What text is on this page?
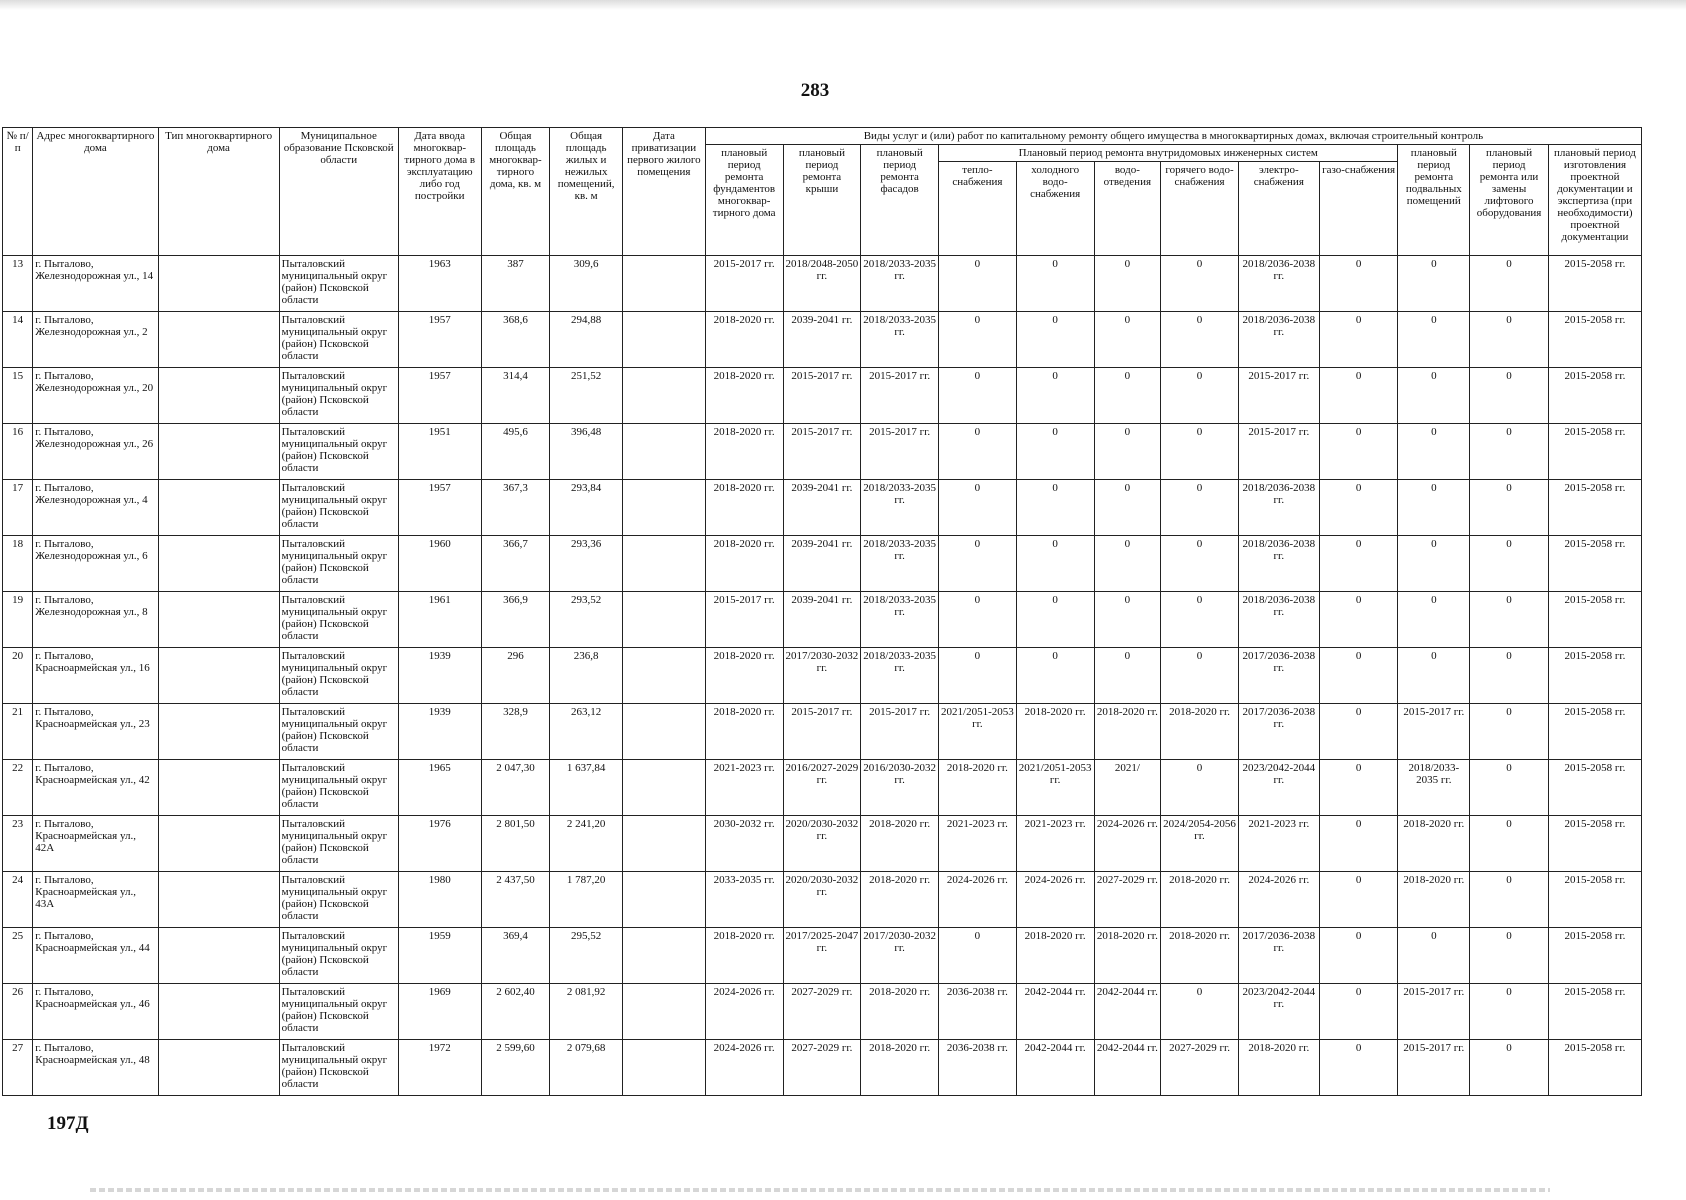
283
№ п/п	Адрес многоквартирного дома	Тип многоквартирного дома	Муниципальное образование Псковской области	Дата ввода многоквар-тирного дома в эксплуатацию либо год постройки	Общая площадь многоквар-тирного дома, кв. м	Общая площадь жилых и нежилых помещений, кв. м	Дата приватизации первого жилого помещения	Виды услуг и (или) работ по капитальному ремонту общего имущества в многоквартирных домах, включая строительный контроль											
								плановый период ремонта фундаментов многоквар-тирного дома	плановый период ремонта крыши	плановый период ремонта фасадов	Плановый период ремонта внутридомовых инженерных систем						плановый период ремонта подвальных помещений	плановый период ремонта или замены лифтового оборудования	плановый период изготовления проектной документации и экспертиза (при необходимости) проектной документации
											тепло-снабжения	холодного водо-снабжения	водо-отведения	горячего водо-снабжения	электро-снабжения	газо-снабжения			
13	г. Пыталово, Железнодорожная ул., 14		Пыталовский муниципальный округ (район) Псковской области	1963	387	309,6		2015-2017 гг.	2018/2048-2050 гг.	2018/2033-2035 гг.	0	0	0	0	2018/2036-2038 гг.	0	0	0	2015-2058 гг.
14	г. Пыталово, Железнодорожная ул., 2		Пыталовский муниципальный округ (район) Псковской области	1957	368,6	294,88		2018-2020 гг.	2039-2041 гг.	2018/2033-2035 гг.	0	0	0	0	2018/2036-2038 гг.	0	0	0	2015-2058 гг.
15	г. Пыталово, Железнодорожная ул., 20		Пыталовский муниципальный округ (район) Псковской области	1957	314,4	251,52		2018-2020 гг.	2015-2017 гг.	2015-2017 гг.	0	0	0	0	2015-2017 гг.	0	0	0	2015-2058 гг.
16	г. Пыталово, Железнодорожная ул., 26		Пыталовский муниципальный округ (район) Псковской области	1951	495,6	396,48		2018-2020 гг.	2015-2017 гг.	2015-2017 гг.	0	0	0	0	2015-2017 гг.	0	0	0	2015-2058 гг.
17	г. Пыталово, Железнодорожная ул., 4		Пыталовский муниципальный округ (район) Псковской области	1957	367,3	293,84		2018-2020 гг.	2039-2041 гг.	2018/2033-2035 гг.	0	0	0	0	2018/2036-2038 гг.	0	0	0	2015-2058 гг.
18	г. Пыталово, Железнодорожная ул., 6		Пыталовский муниципальный округ (район) Псковской области	1960	366,7	293,36		2018-2020 гг.	2039-2041 гг.	2018/2033-2035 гг.	0	0	0	0	2018/2036-2038 гг.	0	0	0	2015-2058 гг.
19	г. Пыталово, Железнодорожная ул., 8		Пыталовский муниципальный округ (район) Псковской области	1961	366,9	293,52		2015-2017 гг.	2039-2041 гг.	2018/2033-2035 гг.	0	0	0	0	2018/2036-2038 гг.	0	0	0	2015-2058 гг.
20	г. Пыталово, Красноармейская ул., 16		Пыталовский муниципальный округ (район) Псковской области	1939	296	236,8		2018-2020 гг.	2017/2030-2032 гг.	2018/2033-2035 гг.	0	0	0	0	2017/2036-2038 гг.	0	0	0	2015-2058 гг.
21	г. Пыталово, Красноармейская ул., 23		Пыталовский муниципальный округ (район) Псковской области	1939	328,9	263,12		2018-2020 гг.	2015-2017 гг.	2015-2017 гг.	2021/2051-2053 гг.	2018-2020 гг.	2018-2020 гг.	2018-2020 гг.	2017/2036-2038 гг.	0	2015-2017 гг.	0	2015-2058 гг.
22	г. Пыталово, Красноармейская ул., 42		Пыталовский муниципальный округ (район) Псковской области	1965	2 047,30	1 637,84		2021-2023 гг.	2016/2027-2029 гг.	2016/2030-2032 гг.	2018-2020 гг.	2021/2051-2053 гг.	2021/	0	2023/2042-2044 гг.	0	2018/2033-2035 гг.	0	2015-2058 гг.
23	г. Пыталово, Красноармейская ул., 42А		Пыталовский муниципальный округ (район) Псковской области	1976	2 801,50	2 241,20		2030-2032 гг.	2020/2030-2032 гг.	2018-2020 гг.	2021-2023 гг.	2021-2023 гг.	2024-2026 гг.	2024/2054-2056 гг.	2021-2023 гг.	0	2018-2020 гг.	0	2015-2058 гг.
24	г. Пыталово, Красноармейская ул., 43А		Пыталовский муниципальный округ (район) Псковской области	1980	2 437,50	1 787,20		2033-2035 гг.	2020/2030-2032 гг.	2018-2020 гг.	2024-2026 гг.	2024-2026 гг.	2027-2029 гг.	2018-2020 гг.	2024-2026 гг.	0	2018-2020 гг.	0	2015-2058 гг.
25	г. Пыталово, Красноармейская ул., 44		Пыталовский муниципальный округ (район) Псковской области	1959	369,4	295,52		2018-2020 гг.	2017/2025-2047 гг.	2017/2030-2032 гг.	0	2018-2020 гг.	2018-2020 гг.	2018-2020 гг.	2017/2036-2038 гг.	0	0	0	2015-2058 гг.
26	г. Пыталово, Красноармейская ул., 46		Пыталовский муниципальный округ (район) Псковской области	1969	2 602,40	2 081,92		2024-2026 гг.	2027-2029 гг.	2018-2020 гг.	2036-2038 гг.	2042-2044 гг.	2042-2044 гг.	0	2023/2042-2044 гг.	0	2015-2017 гг.	0	2015-2058 гг.
27	г. Пыталово, Красноармейская ул., 48		Пыталовский муниципальный округ (район) Псковской области	1972	2 599,60	2 079,68		2024-2026 гг.	2027-2029 гг.	2018-2020 гг.	2036-2038 гг.	2042-2044 гг.	2042-2044 гг.	2027-2029 гг.	2018-2020 гг.	0	2015-2017 гг.	0	2015-2058 гг.
197Д
